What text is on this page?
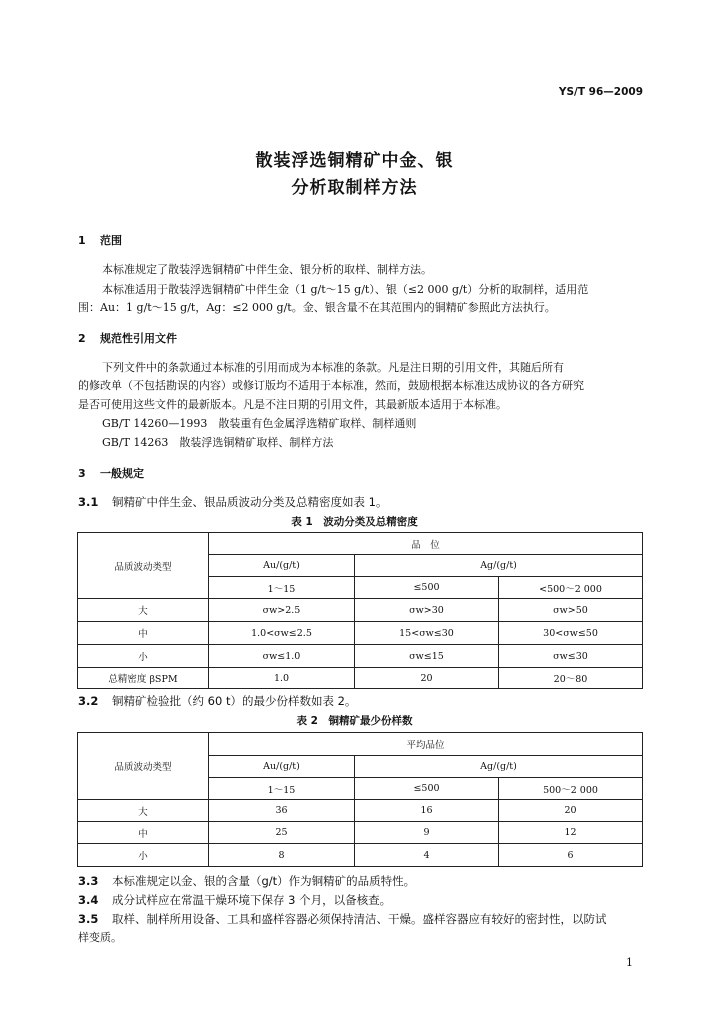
YS/T 96—2009
散装浮选铜精矿中金、银
分析取制样方法
1 范围
本标准规定了散装浮选铜精矿中伴生金、银分析的取样、制样方法。
本标准适用于散装浮选铜精矿中伴生金（1 g/t～15 g/t）、银（≤2 000 g/t）分析的取制样，适用范
围：Au：1 g/t～15 g/t，Ag：≤2 000 g/t。金、银含量不在其范围内的铜精矿参照此方法执行。
2 规范性引用文件
下列文件中的条款通过本标准的引用而成为本标准的条款。凡是注日期的引用文件，其随后所有
的修改单（不包括勘误的内容）或修订版均不适用于本标准，然而，鼓励根据本标准达成协议的各方研究
是否可使用这些文件的最新版本。凡是不注日期的引用文件，其最新版本适用于本标准。
GB/T 14260—1993　散装重有色金属浮选精矿取样、制样通则
GB/T 14263　散装浮选铜精矿取样、制样方法
3 一般规定
3.1 铜精矿中伴生金、银品质波动分类及总精密度如表 1。
表 1　波动分类及总精密度
品质波动类型	品　位		
	Au/(g/t)	Ag/(g/t)	
	1～15	≤500	<500～2 000
大	σw>2.5	σw>30	σw>50
中	1.0<σw≤2.5	15<σw≤30	30<σw≤50
小	σw≤1.0	σw≤15	σw≤30
总精密度 βSPM	1.0	20	20～80
3.2 铜精矿检验批（约 60 t）的最少份样数如表 2。
表 2　铜精矿最少份样数
品质波动类型	平均品位		
	Au/(g/t)	Ag/(g/t)	
	1～15	≤500	500～2 000
大	36	16	20
中	25	9	12
小	8	4	6
3.3 本标准规定以金、银的含量（g/t）作为铜精矿的品质特性。
3.4 成分试样应在常温干燥环境下保存 3 个月，以备核查。
3.5 取样、制样所用设备、工具和盛样容器必须保持清洁、干燥。盛样容器应有较好的密封性，以防试
样变质。
1
